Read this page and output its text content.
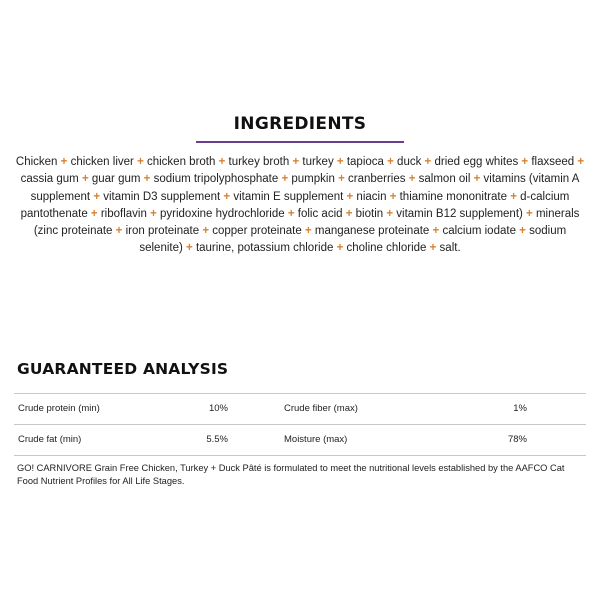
INGREDIENTS
Chicken + chicken liver + chicken broth + turkey broth + turkey + tapioca + duck + dried egg whites + flaxseed + cassia gum + guar gum + sodium tripolyphosphate + pumpkin + cranberries + salmon oil + vitamins (vitamin A supplement + vitamin D3 supplement + vitamin E supplement + niacin + thiamine mononitrate + d-calcium pantothenate + riboflavin + pyridoxine hydrochloride + folic acid + biotin + vitamin B12 supplement) + minerals (zinc proteinate + iron proteinate + copper proteinate + manganese proteinate + calcium iodate + sodium selenite) + taurine, potassium chloride + choline chloride + salt.
GUARANTEED ANALYSIS
Crude protein (min)	10%	Crude fiber (max)	1%
Crude fat (min)	5.5%	Moisture (max)	78%
GO! CARNIVORE Grain Free Chicken, Turkey + Duck Pâté is formulated to meet the nutritional levels established by the AAFCO Cat Food Nutrient Profiles for All Life Stages.
